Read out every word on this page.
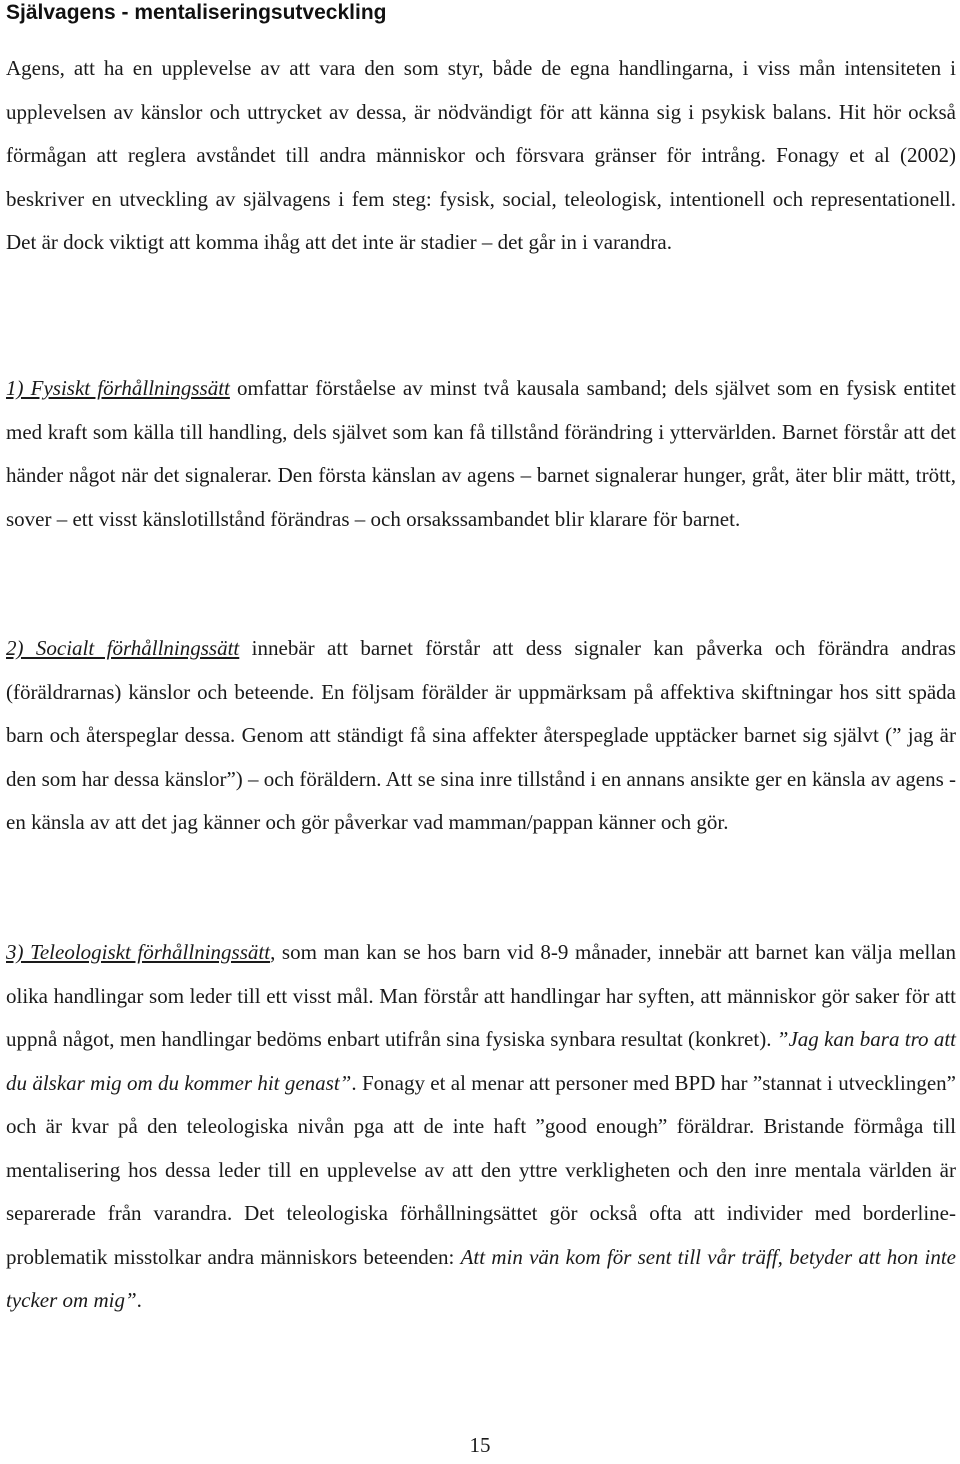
Självagens - mentaliseringsutveckling

Agens, att ha en upplevelse av att vara den som styr, både de egna handlingarna, i viss mån intensiteten i upplevelsen av känslor och uttrycket av dessa, är nödvändigt för att känna sig i psykisk balans. Hit hör också förmågan att reglera avståndet till andra människor och försvara gränser för intrång. Fonagy et al (2002) beskriver en utveckling av självagens i fem steg: fysisk, social, teleologisk, intentionell och representationell. Det är dock viktigt att komma ihåg att det inte är stadier – det går in i varandra.

1) Fysiskt förhållningssätt omfattar förståelse av minst två kausala samband; dels självet som en fysisk entitet med kraft som källa till handling, dels självet som kan få tillstånd förändring i yttervärlden. Barnet förstår att det händer något när det signalerar. Den första känslan av agens – barnet signalerar hunger, gråt, äter blir mätt, trött, sover – ett visst känslotillstånd förändras – och orsakssambandet blir klarare för barnet.

2) Socialt förhållningssätt innebär att barnet förstår att dess signaler kan påverka och förändra andras (föräldrarnas) känslor och beteende. En följsam förälder är uppmärksam på affektiva skiftningar hos sitt späda barn och återspeglar dessa. Genom att ständigt få sina affekter återspeglade upptäcker barnet sig självt (” jag är den som har dessa känslor”) – och föräldern. Att se sina inre tillstånd i en annans ansikte ger en känsla av agens - en känsla av att det jag känner och gör påverkar vad mamman/pappan känner och gör.

3) Teleologiskt förhållningssätt, som man kan se hos barn vid 8-9 månader, innebär att barnet kan välja mellan olika handlingar som leder till ett visst mål. Man förstår att handlingar har syften, att människor gör saker för att uppnå något, men handlingar bedöms enbart utifrån sina fysiska synbara resultat (konkret). ”Jag kan bara tro att du älskar mig om du kommer hit genast”. Fonagy et al menar att personer med BPD har ”stannat i utvecklingen” och är kvar på den teleologiska nivån pga att de inte haft ”good enough” föräldrar. Bristande förmåga till mentalisering hos dessa leder till en upplevelse av att den yttre verkligheten och den inre mentala världen är separerade från varandra. Det teleologiska förhållningsättet gör också ofta att individer med borderline-problematik misstolkar andra människors beteenden: Att min vän kom för sent till vår träff, betyder att hon inte tycker om mig”.

15
